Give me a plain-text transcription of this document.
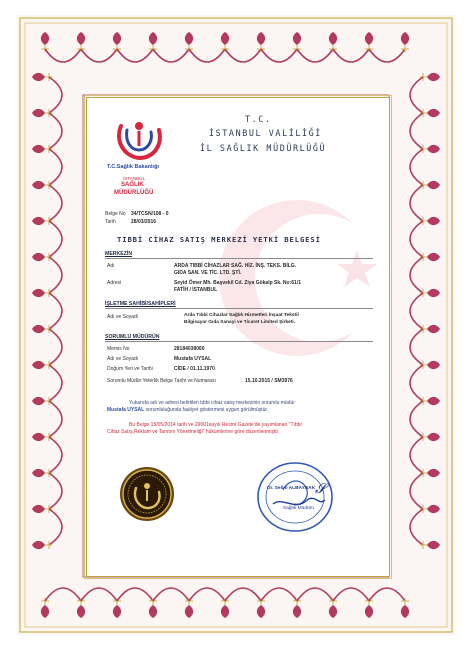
T.C.
İSTANBUL VALİLİĞİ
İL SAĞLIK MÜDÜRLÜĞÜ
T.C.Sağlık Bakanlığı
İSTANBUL
SAĞLIK
MÜDÜRLÜĞÜ
Belge No 34/TCSN/108 - 0
Tarih	28/03/2016
TIBBİ CİHAZ SATIŞ MERKEZİ YETKİ BELGESİ
MERKEZİN
Adı	ARDA TIBBİ CİHAZLAR SAĞ. HİZ. İNŞ. TEKS. BİLG.
GIDA SAN. VE TİC. LTD. ŞTİ.
Adresi	Seyid Ömer Mh. Başvekil Cd. Ziya Gökalp Sk. No:61/1
FATİH / İSTANBUL
İŞLETME SAHİBİ/SAHİPLERİ
Adı ve Soyadı	Arda Tıbbi Cihazlar Sağlık Hizmetleri İnşaat Tekstil
Bilgisayar Gıda Sanayi ve Ticaret Limited Şirketi.
SORUMLU MÜDÜRÜN
Memis No	28184038060
Adı ve Soyadı	Mustafa UYSAL
Doğum Yeri ve Tarihi	CİDE / 01.11.1970
Sorumlu Müdür Yeterlik Belge Tarihi ve Numarası	: 15.10.2015 / SM3976
Yukarıda adı ve adresi belirtilen tıbbi cihaz satış merkezinin sorumlu müdür
Mustafa UYSAL sorumluluğunda faaliyet göstermesi uygun görülmüştür.
Bu Belge 15/05/2014 tarih ve 29001sayılı Resmî Gazete'de yayımlanan "Tıbbi
Cihaz Satış,Reklam ve Tanıtım Yönetmeliği" hükümlerine göre düzenlenmiştir.
𝓢
Dr. Selim ALBAYRAK
Sağlık Müdürü
